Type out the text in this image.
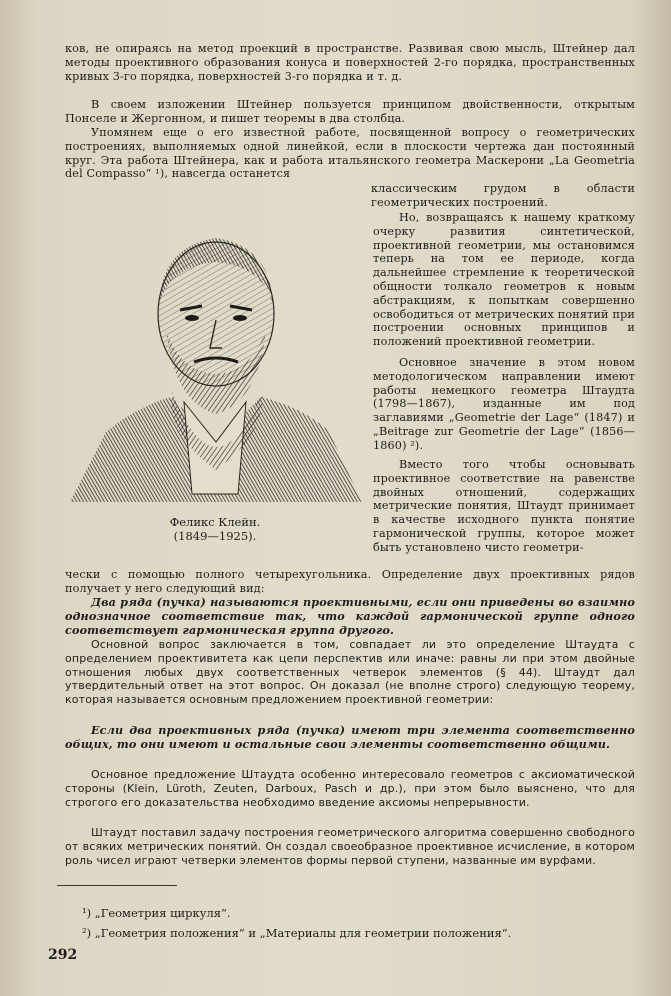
ков, не опираясь на метод проекций в пространстве. Развивая свою мысль, Штейнер дал методы проективного образования конуса и поверхностей 2-го порядка, пространственных кривых 3-го порядка, поверхностей 3-го порядка и т. д.

В своем изложении Штейнер пользуется принципом двойственности, открытым Понселе и Жергонном, и пишет теоремы в два столбца.

Упомянем еще о его известной работе, посвященной вопросу о геометрических построениях, выполняемых одной линейкой, если в плоскости чертежа дан постоянный круг. Эта работа Штейнера, как и работа итальянского геометра Маскерони „La Geometria del Compasso“ ¹), навсегда останется

классическим грудом в области геометрических построений.

Но, возвращаясь к нашему краткому очерку развития синтетической, проективной геометрии, мы остановимся теперь на том ее периоде, когда дальнейшее стремление к теоретической общности толкало геометров к новым абстракциям, к попыткам совершенно освободиться от метрических понятий при построении основных принципов и положений проективной геометрии.

Основное значение в этом новом методологическом направлении имеют работы немецкого геометра Штаудта (1798—1867), изданные им под заглавиями „Geometrie der Lage“ (1847) и „Beitrage zur Geometrie der Lage“ (1856—1860) ²).

Вместо того чтобы основывать проективное соответствие на равенстве двойных отношений, содержащих метрические понятия, Штаудт принимает в качестве исходного пункта понятие гармонической группы, которое может быть установлено чисто геометри-

Феликс Клейн.
(1849—1925).

чески с помощью полного четырехугольника. Определение двух проективных рядов получает у него следующий вид:

Два ряда (пучка) называются проективными, если они приведены во взаимно однозначное соответствие так, что каждой гармонической группе одного соответствует гармоническая группа другого.

Основной вопрос заключается в том, совпадает ли это определение Штаудта с определением проективитета как цепи перспектив или иначе: равны ли при этом двойные отношения любых двух соответственных четверок элементов (§ 44). Штаудт дал утвердительный ответ на этот вопрос. Он доказал (не вполне строго) следующую теорему, которая называется основным предложением проективной геометрии:

Если два проективных ряда (пучка) имеют три элемента соответственно общих, то они имеют и остальные свои элементы соответственно общими.

Основное предложение Штаудта особенно интересовало геометров с аксиоматической стороны (Klein, Lüroth, Zeuten, Darboux, Pasch и др.), при этом было выяснено, что для строгого его доказательства необходимо введение аксиомы непрерывности.

Штаудт поставил задачу построения геометрического алгоритма совершенно свободного от всяких метрических понятий. Он создал своеобразное проективное исчисление, в котором роль чисел играют четверки элементов формы первой ступени, названные им вурфами.

¹) „Геометрия циркуля“.
²) „Геометрия положения“ и „Материалы для геометрии положения“.
292
